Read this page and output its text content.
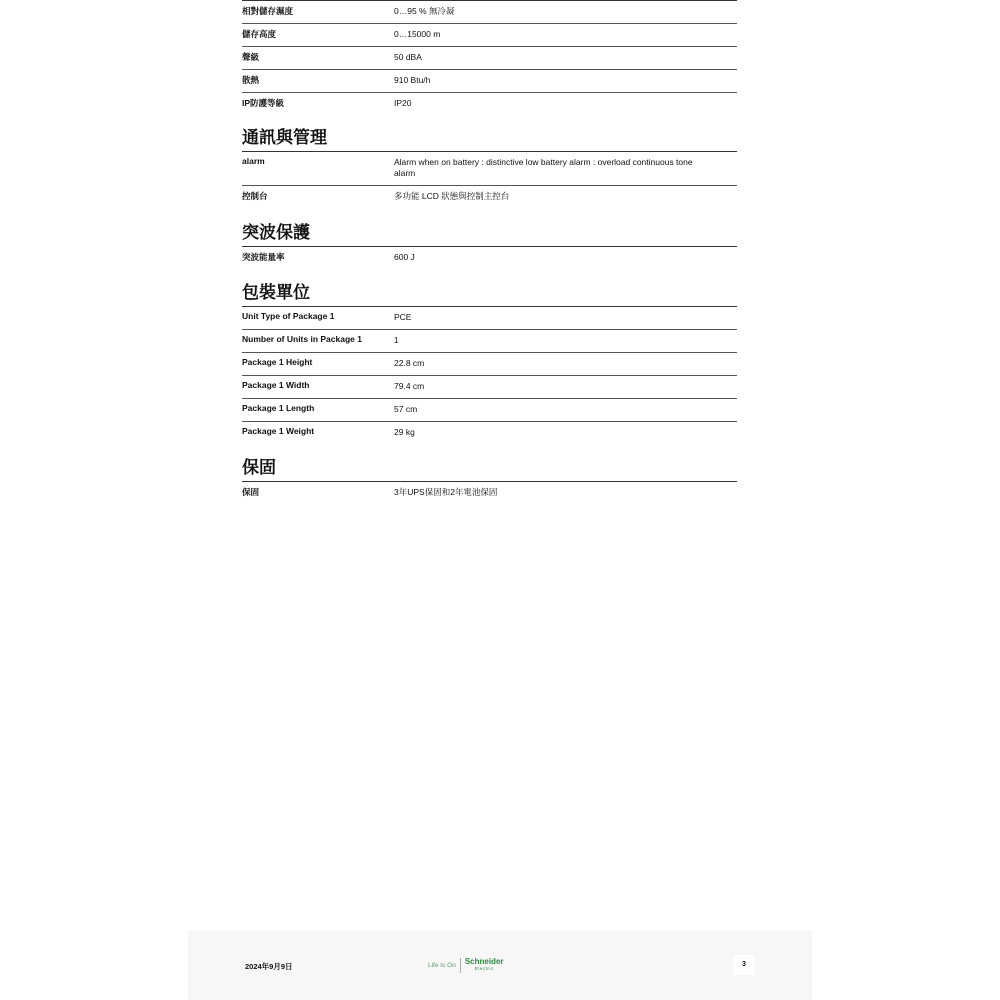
相對儲存濕度	0…95 % 無冷凝
儲存高度	0…15000 m
聲級	50 dBA
散熱	910 Btu/h
IP防護等級	IP20
通訊與管理
alarm	Alarm when on battery : distinctive low battery alarm : overload continuous tone alarm
控制台	多功能 LCD 狀態與控制主控台
突波保護
突波能量率	600 J
包裝單位
Unit Type of Package 1	PCE
Number of Units in Package 1	1
Package 1 Height	22.8 cm
Package 1 Width	79.4 cm
Package 1 Length	57 cm
Package 1 Weight	29 kg
保固
保固	3年UPS保固和2年電池保固
2024年9月9日	Life Is On Schneider
Electric
3
